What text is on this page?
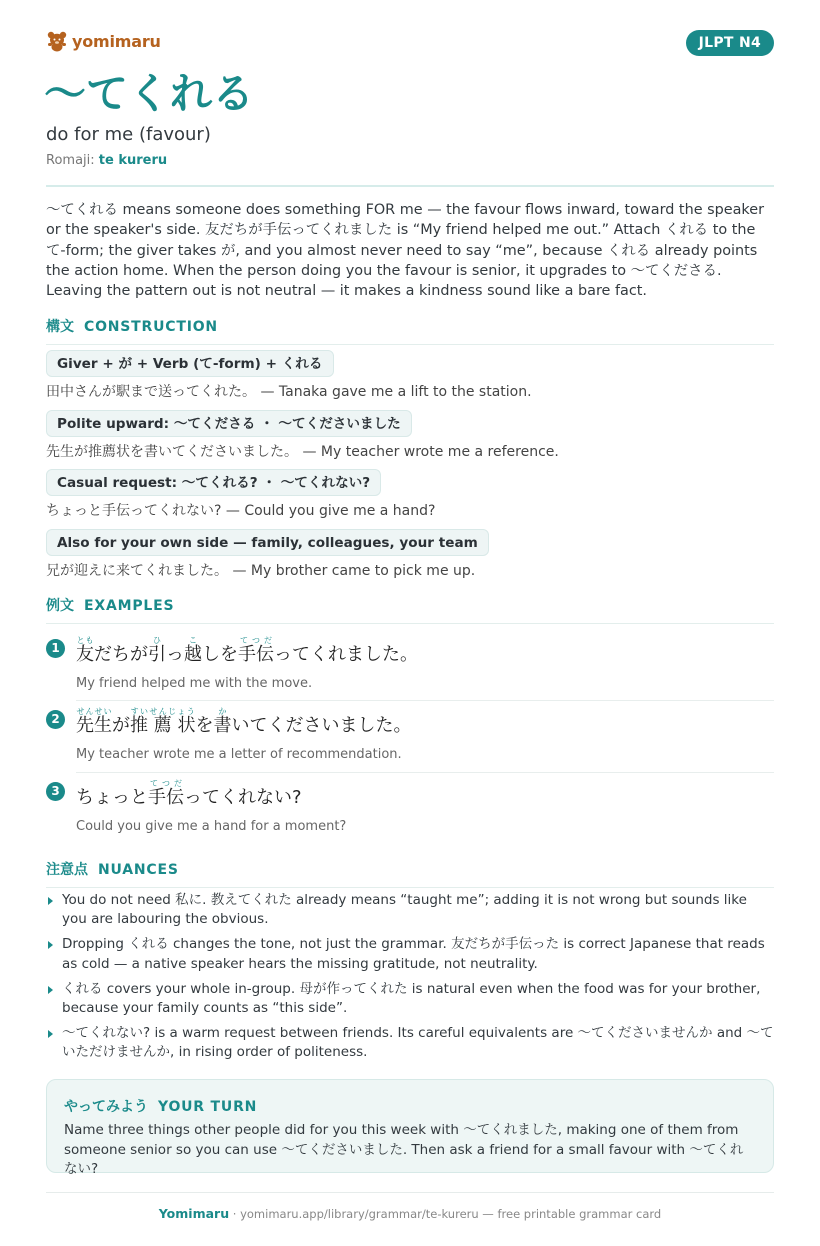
yomimaru	JLPT N4
〜てくれる
do for me (favour)
Romaji: te kureru

〜てくれる means someone does something FOR me — the favour flows inward, toward the speaker or the speaker's side. 友だちが手伝ってくれました is “My friend helped me out.” Attach くれる to the て-form; the giver takes が, and you almost never need to say “me”, because くれる already points the action home. When the person doing you the favour is senior, it upgrades to 〜てくださる. Leaving the pattern out is not neutral — it makes a kindness sound like a bare fact.

構文 CONSTRUCTION
Giver + が + Verb (て-form) + くれる
田中さんが駅まで送ってくれた。 — Tanaka gave me a lift to the station.
Polite upward: 〜てくださる ・ 〜てくださいました
先生が推薦状を書いてくださいました。 — My teacher wrote me a reference.
Casual request: 〜てくれる? ・ 〜てくれない?
ちょっと手伝ってくれない? — Could you give me a hand?
Also for your own side — family, colleagues, your team
兄が迎えに来てくれました。 — My brother came to pick me up.
例文 EXAMPLES
1 友ともだちが引ひっ越こしを手伝てつだってくれました。
My friend helped me with the move.
2 先生せんせいが推 薦 状すいせんじょうを書かいてくださいました。
My teacher wrote me a letter of recommendation.
3 ちょっと手伝てつだってくれない?
Could you give me a hand for a moment?
注意点 NUANCES
You do not need 私に. 教えてくれた already means “taught me”; adding it is not wrong but sounds like you are labouring the obvious.
Dropping くれる changes the tone, not just the grammar. 友だちが手伝った is correct Japanese that reads as cold — a native speaker hears the missing gratitude, not neutrality.
くれる covers your whole in-group. 母が作ってくれた is natural even when the food was for your brother, because your family counts as “this side”.
〜てくれない? is a warm request between friends. Its careful equivalents are 〜てくださいませんか and 〜ていただけませんか, in rising order of politeness.
やってみよう YOUR TURN
Name three things other people did for you this week with 〜てくれました, making one of them from someone senior so you can use 〜てくださいました. Then ask a friend for a small favour with 〜てくれない?
Yomimaru · yomimaru.app/library/grammar/te-kureru — free printable grammar card
